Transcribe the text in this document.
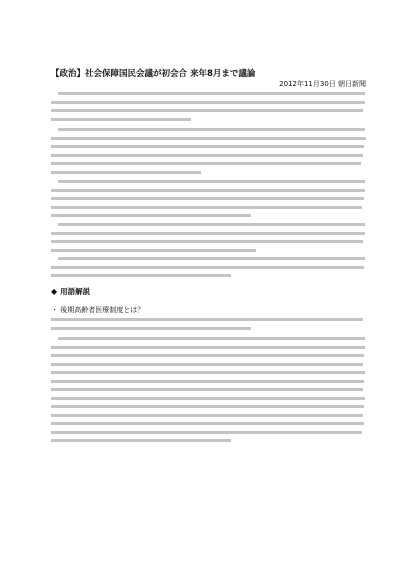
【政治】社会保障国民会議が初会合 来年8月まで議論
2012年11月30日 朝日新聞
◆ 用語解説
・ 後期高齢者医療制度とは？
